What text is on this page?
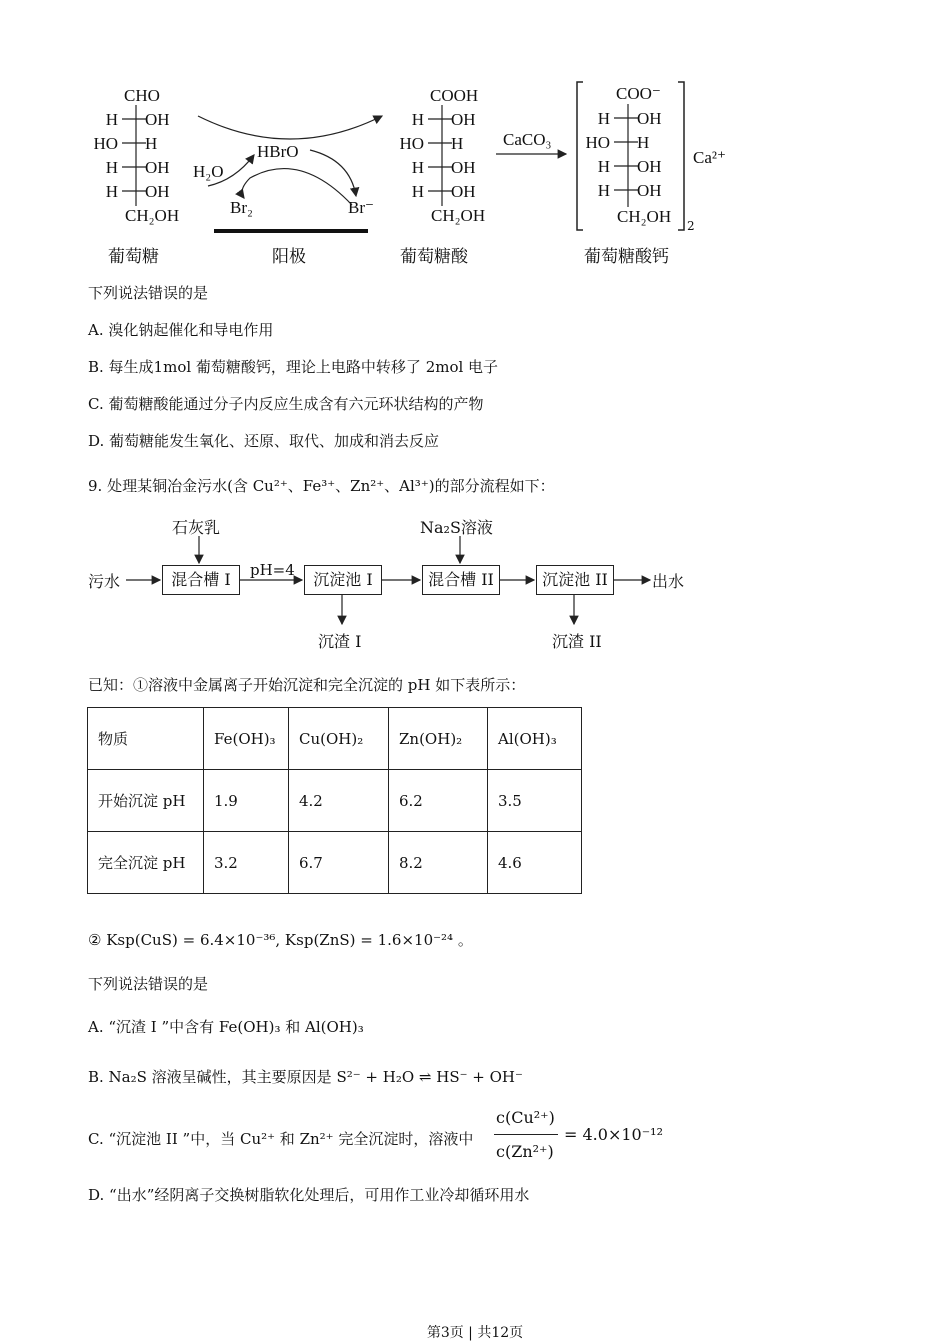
CHO
H OH
HO H
H OH
H OH
CH₂OH
葡萄糖
HBrO
H₂O
Br₂	Br⁻
阳极
COOH
H OH
HO H
H OH
H OH
CH₂OH
葡萄糖酸
CaCO₃
COO⁻
H OH
HO H
H OH
H OH
CH₂OH 2
Ca²⁺
葡萄糖酸钙
下列说法错误的是
A. 溴化钠起催化和导电作用
B. 每生成1mol 葡萄糖酸钙，理论上电路中转移了 2mol 电子
C. 葡萄糖酸能通过分子内反应生成含有六元环状结构的产物
D. 葡萄糖能发生氧化、还原、取代、加成和消去反应
9. 处理某铜冶金污水(含 Cu²⁺、Fe³⁺、Zn²⁺、Al³⁺)的部分流程如下：
污水
石灰乳
混合槽 I	pH=4	沉淀池 I
沉渣 I
Na₂S溶液
混合槽 II	沉淀池 II
沉渣 II
出水
已知：①溶液中金属离子开始沉淀和完全沉淀的 pH 如下表所示：
物质	Fe(OH)₃	Cu(OH)₂	Zn(OH)₂	Al(OH)₃
开始沉淀 pH	1.9	4.2	6.2	3.5
完全沉淀 pH	3.2	6.7	8.2	4.6
② Ksp(CuS) = 6.4×10⁻³⁶, Ksp(ZnS) = 1.6×10⁻²⁴ 。
下列说法错误的是
A. “沉渣 I ”中含有 Fe(OH)₃ 和 Al(OH)₃
B. Na₂S 溶液呈碱性，其主要原因是 S²⁻ + H₂O ⇌ HS⁻ + OH⁻
C. “沉淀池 II ”中，当 Cu²⁺ 和 Zn²⁺ 完全沉淀时，溶液中
c(Cu²⁺)
c(Zn²⁺)
= 4.0×10⁻¹²
D. “出水”经阴离子交换树脂软化处理后，可用作工业冷却循环用水
第3页 | 共12页
